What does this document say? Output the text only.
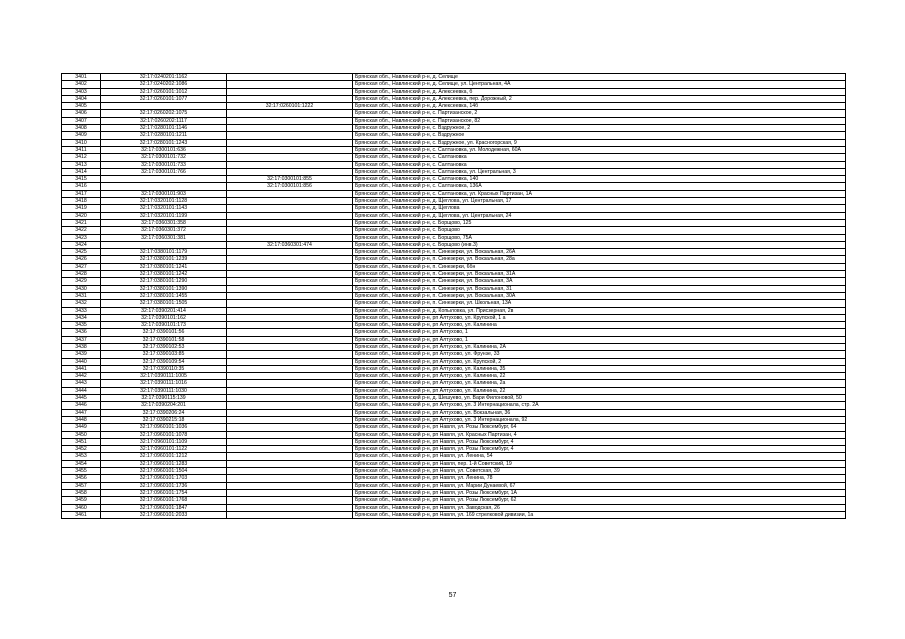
3401	32:17:0240201:1162		Брянская обл., Навлинский р-н, д. Селище
3402	32:17:0240202:1086		Брянская обл., Навлинский р-н, д. Селище, ул. Центральная, 4А
3403	32:17:0260101:1012		Брянская обл., Навлинский р-н, д. Алексеевка, б
3404	32:17:0260101:1077		Брянская обл., Навлинский р-н, д. Алексеевка, пер. Дорожный, 2
3405		32:17:0260101:1222	Брянская обл., Навлинский р-н, д. Алексеевка, 14б
3406	32:17:0260202:1075		Брянская обл., Навлинский р-н, с. Партизанское, 2
3407	32:17:0260202:1117		Брянская обл., Навлинский р-н, с. Партизанское, 82
3408	32:17:0280101:1146		Брянская обл., Навлинский р-н, с. Вздружное, 2
3409	32:17:0280101:1211		Брянская обл., Навлинский р-н, с. Вздружное
3410	32:17:0280101:1243		Брянская обл., Навлинский р-н, с. Вздружное, ул. Красногорская, 9
3411	32:17:0300101:636		Брянская обл., Навлинский р-н, с. Салтановка, ул. Молодежная, 60А
3412	32:17:0300101:732		Брянская обл., Навлинский р-н, с. Салтановка
3413	32:17:0300101:733		Брянская обл., Навлинский р-н, с. Салтановка
3414	32:17:0300101:766		Брянская обл., Навлинский р-н, с. Салтановка, ул. Центральная, 3
3415		32:17:0300101:855	Брянская обл., Навлинский р-н, с. Салтановка, 140
3416		32:17:0300101:856	Брянская обл., Навлинский р-н, с. Салтановка, 136А
3417	32:17:0300101:903		Брянская обл., Навлинский р-н, с. Салтановка, ул. Красных Партизан, 1А
3418	32:17:0320101:1128		Брянская обл., Навлинский р-н, д. Щеглова, ул. Центральная, 17
3419	32:17:0320101:1143		Брянская обл., Навлинский р-н, д. Щеглова
3420	32:17:0320101:1199		Брянская обл., Навлинский р-н, д. Щеглова, ул. Центральная, 24
3421	32:17:0360301:358		Брянская обл., Навлинский р-н, с. Борщово, 125
3422	32:17:0360301:372		Брянская обл., Навлинский р-н, с. Борщово
3423	32:17:0360301:381		Брянская обл., Навлинский р-н, с. Борщово, 75А
3424		32:17:0360301:474	Брянская обл., Навлинский р-н, с. Борщово (инв.3)
3425	32:17:0380101:1179		Брянская обл., Навлинский р-н, п. Синезерки, ул. Вокзальная, 26А
3426	32:17:0380101:1239		Брянская обл., Навлинский р-н, п. Синезерки, ул. Вокзальная, 28а
3427	32:17:0380101:1241		Брянская обл., Навлинский р-н, п. Синезерки, 6бн
3428	32:17:0380101:1242		Брянская обл., Навлинский р-н, п. Синезерки, ул. Вокзальная, 31А
3429	32:17:0380101:1290		Брянская обл., Навлинский р-н, п. Синезерки, ул. Вокзальная, 3А
3430	32:17:0380101:1390		Брянская обл., Навлинский р-н, п. Синезерки, ул. Вокзальная, 31
3431	32:17:0380101:1455		Брянская обл., Навлинский р-н, п. Синезерки, ул. Вокзальная, 30А
3432	32:17:0380101:1505		Брянская обл., Навлинский р-н, п. Синезерки, ул. Школьная, 13А
3433	32:17:0390201:414		Брянская обл., Навлинский р-н, д. Копыловка, ул. Присзерная, 2в
3434	32:17:0390101:162		Брянская обл., Навлинский р-н, рп Алтухово, ул. Крупской, 1 а
3435	32:17:0390101:173		Брянская обл., Навлинский р-н, рп Алтухово, ул. Калинина
3436	32:17:0390101:56		Брянская обл., Навлинский р-н, рп Алтухово, 1
3437	32:17:0390101:58		Брянская обл., Навлинский р-н, рп Алтухово, 1
3438	32:17:0390102:53		Брянская обл., Навлинский р-н, рп Алтухово, ул. Калинина, 2А
3439	32:17:0390103:85		Брянская обл., Навлинский р-н, рп Алтухово, ул. Фрунзе, 33
3440	32:17:0390109:54		Брянская обл., Навлинский р-н, рп Алтухово, ул. Крупской, 2
3441	32:17:0390110:35		Брянская обл., Навлинский р-н, рп Алтухово, ул. Калинина, 35
3442	32:17:0390111:1005		Брянская обл., Навлинский р-н, рп Алтухово, ул. Калинина, 22
3443	32:17:0390111:1016		Брянская обл., Навлинский р-н, рп Алтухово, ул. Калинина, 2а
3444	32:17:0390111:1030		Брянская обл., Навлинский р-н, рп Алтухово, ул. Калинина, 22
3445	32:17:0390115:139		Брянская обл., Навлинский р-н, д. Шешуево, ул. Вари Филоновой, 50
3446	32:17:0390204:201		Брянская обл., Навлинский р-н, рп Алтухово, ул. 3 Интернационала, стр. 2А
3447	32:17:0390206:24		Брянская обл., Навлинский р-н, рп Алтухово, ул. Вокзальная, 36
3448	32:17:0390215:18		Брянская обл., Навлинский р-н, рп Алтухово, ул. 3 Интернационала, 92
3449	32:17:0960101:1036		Брянская обл., Навлинский р-н, рп Навля, ул. Розы Люксембург, 64
3450	32:17:0960101:1078		Брянская обл., Навлинский р-н, рп Навля, ул. Красных Партизан, 4
3451	32:17:0960101:1109		Брянская обл., Навлинский р-н, рп Навля, ул. Розы Люксембург, 4
3452	32:17:0960101:1122		Брянская обл., Навлинский р-н, рп Навля, ул. Розы Люксембург, 4
3453	32:17:0960101:1212		Брянская обл., Навлинский р-н, рп Навля, ул. Ленина, 54
3454	32:17:0960101:1283		Брянская обл., Навлинский р-н, рп Навля, пер. 1-й Советский, 19
3455	32:17:0960101:1504		Брянская обл., Навлинский р-н, рп Навля, ул. Советская, 39
3456	32:17:0960101:1703		Брянская обл., Навлинский р-н, рп Навля, ул. Ленина, 78
3457	32:17:0960101:1736		Брянская обл., Навлинский р-н, рп Навля, ул. Марии Дунаевой, 67
3458	32:17:0960101:1754		Брянская обл., Навлинский р-н, рп Навля, ул. Розы Люксембург, 1А
3459	32:17:0960101:1768		Брянская обл., Навлинский р-н, рп Навля, ул. Розы Люксембург, 62
3460	32:17:0960101:1847		Брянская обл., Навлинский р-н, рп Навля, ул. Заводская, 26
3461	32:17:0960101:2033		Брянская обл., Навлинский р-н, рп Навля, ул. 169 стрелковой дивизии, 1а
57
